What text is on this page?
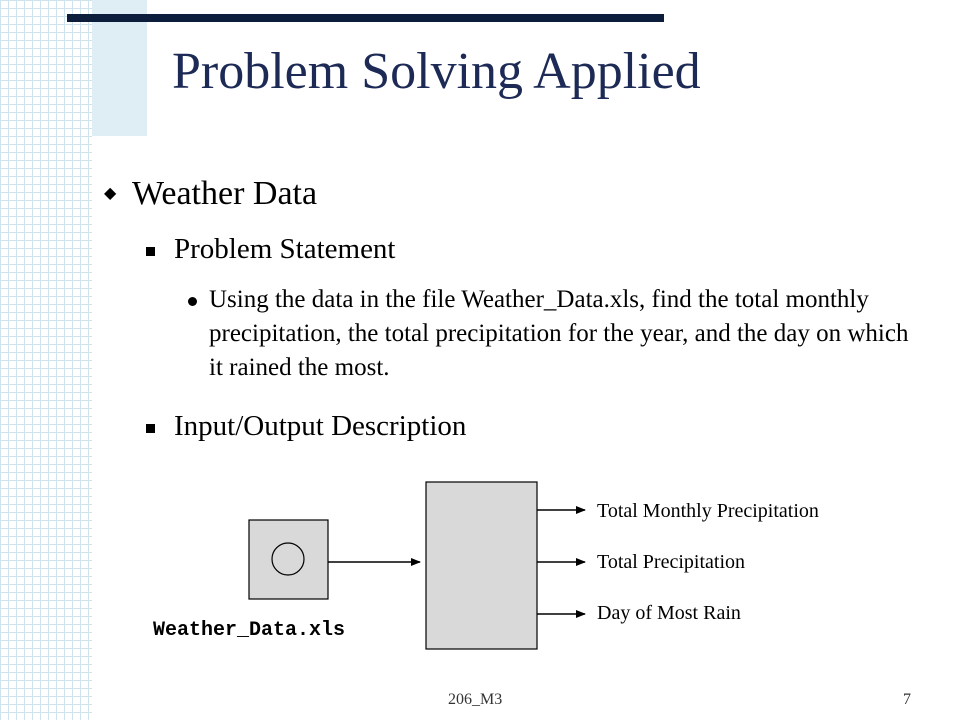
Problem Solving Applied
◆ Weather Data
Problem Statement
Using the data in the file Weather_Data.xls, find the total monthly precipitation, the total precipitation for the year, and the day on which it rained the most.
Input/Output Description
Total Monthly Precipitation
Total Precipitation
Day of Most Rain
Weather_Data.xls
206_M3	7
